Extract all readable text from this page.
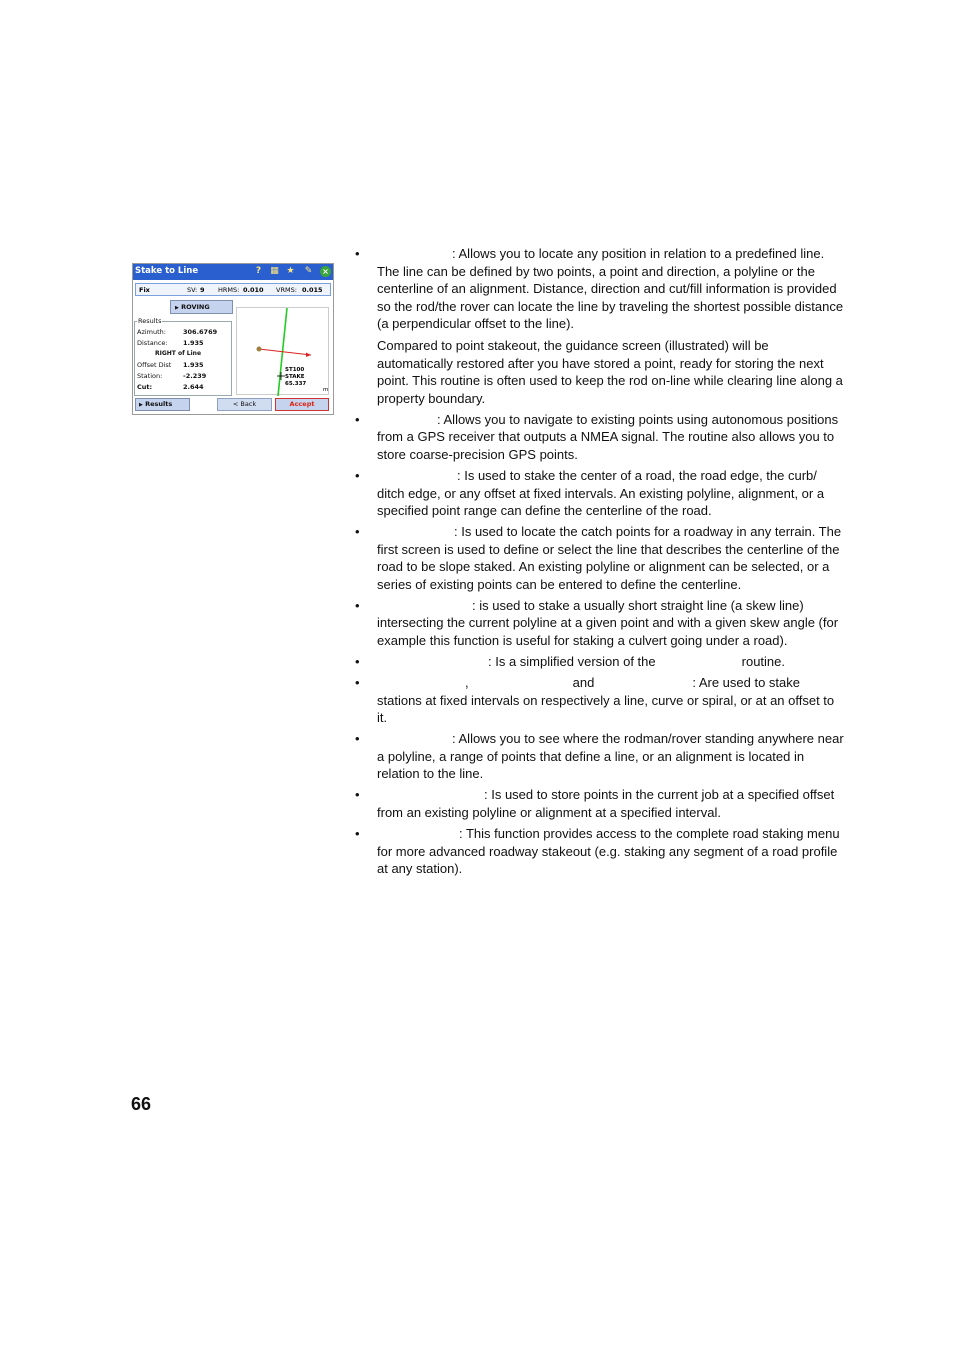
Stake to Line	?	▦ ★ ✎ ×
Fix	SV: 9 HRMS: 0.010 VRMS: 0.015
▶ ROVING
Results
Azimuth:	306.6769
Distance: 1.935
RIGHT of Line
Offset Dist 1.935
Station:	-2.239
Cut:	2.644
ST100
STAKE
65.337
m
▶ Results	< Back	Accept

• : Allows you to locate any position in relation to a predefined line. The line can be defined by two points, a point and direction, a polyline or the centerline of an alignment. Distance, direction and cut/fill information is provided so the rod/the rover can locate the line by traveling the shortest possible distance (a perpendicular offset to the line).

Compared to point stakeout, the guidance screen (illustrated) will be automatically restored after you have stored a point, ready for storing the next point. This routine is often used to keep the rod on-line while clearing line along a property boundary.

• : Allows you to navigate to existing points using autonomous positions from a GPS receiver that outputs a NMEA signal. The routine also allows you to store coarse-precision GPS points.

• : Is used to stake the center of a road, the road edge, the curb/ ditch edge, or any offset at fixed intervals. An existing polyline, alignment, or a specified point range can define the centerline of the road.

• : Is used to locate the catch points for a roadway in any terrain. The first screen is used to define or select the line that describes the centerline of the road to be slope staked. An existing polyline or alignment can be selected, or a series of existing points can be entered to define the centerline.

• : is used to stake a usually short straight line (a skew line) intersecting the current polyline at a given point and with a given skew angle (for example this function is useful for staking a culvert going under a road).

• : Is a simplified version of the	routine.

• ,	and	: Are used to stake stations at fixed intervals on respectively a line, curve or spiral, or at an offset to it.

• : Allows you to see where the rodman/rover standing anywhere near a polyline, a range of points that define a line, or an alignment is located in relation to the line.

• : Is used to store points in the current job at a specified offset from an existing polyline or alignment at a specified interval.

• : This function provides access to the complete road staking menu for more advanced roadway stakeout (e.g. staking any segment of a road profile at any station).

66
